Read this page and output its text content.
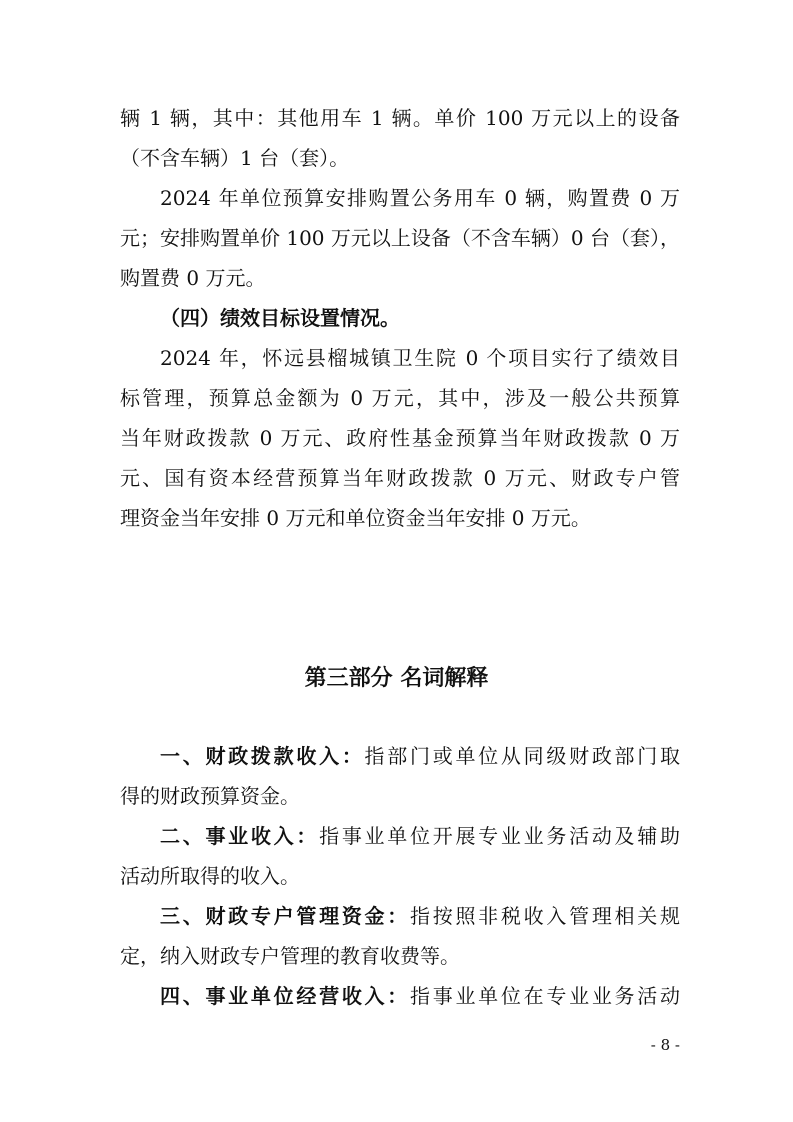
辆 1 辆，其中：其他用车 1 辆。单价 100 万元以上的设备
（不含车辆）1 台（套）。
2024 年单位预算安排购置公务用车 0 辆，购置费 0 万
元；安排购置单价 100 万元以上设备（不含车辆）0 台（套），
购置费 0 万元。
（四）绩效目标设置情况。
2024 年，怀远县榴城镇卫生院 0 个项目实行了绩效目
标管理，预算总金额为 0 万元，其中，涉及一般公共预算
当年财政拨款 0 万元、政府性基金预算当年财政拨款 0 万
元、国有资本经营预算当年财政拨款 0 万元、财政专户管
理资金当年安排 0 万元和单位资金当年安排 0 万元。
第三部分 名词解释
一、财政拨款收入：指部门或单位从同级财政部门取
得的财政预算资金。
二、事业收入：指事业单位开展专业业务活动及辅助
活动所取得的收入。
三、财政专户管理资金：指按照非税收入管理相关规
定，纳入财政专户管理的教育收费等。
四、事业单位经营收入：指事业单位在专业业务活动
- 8 -
